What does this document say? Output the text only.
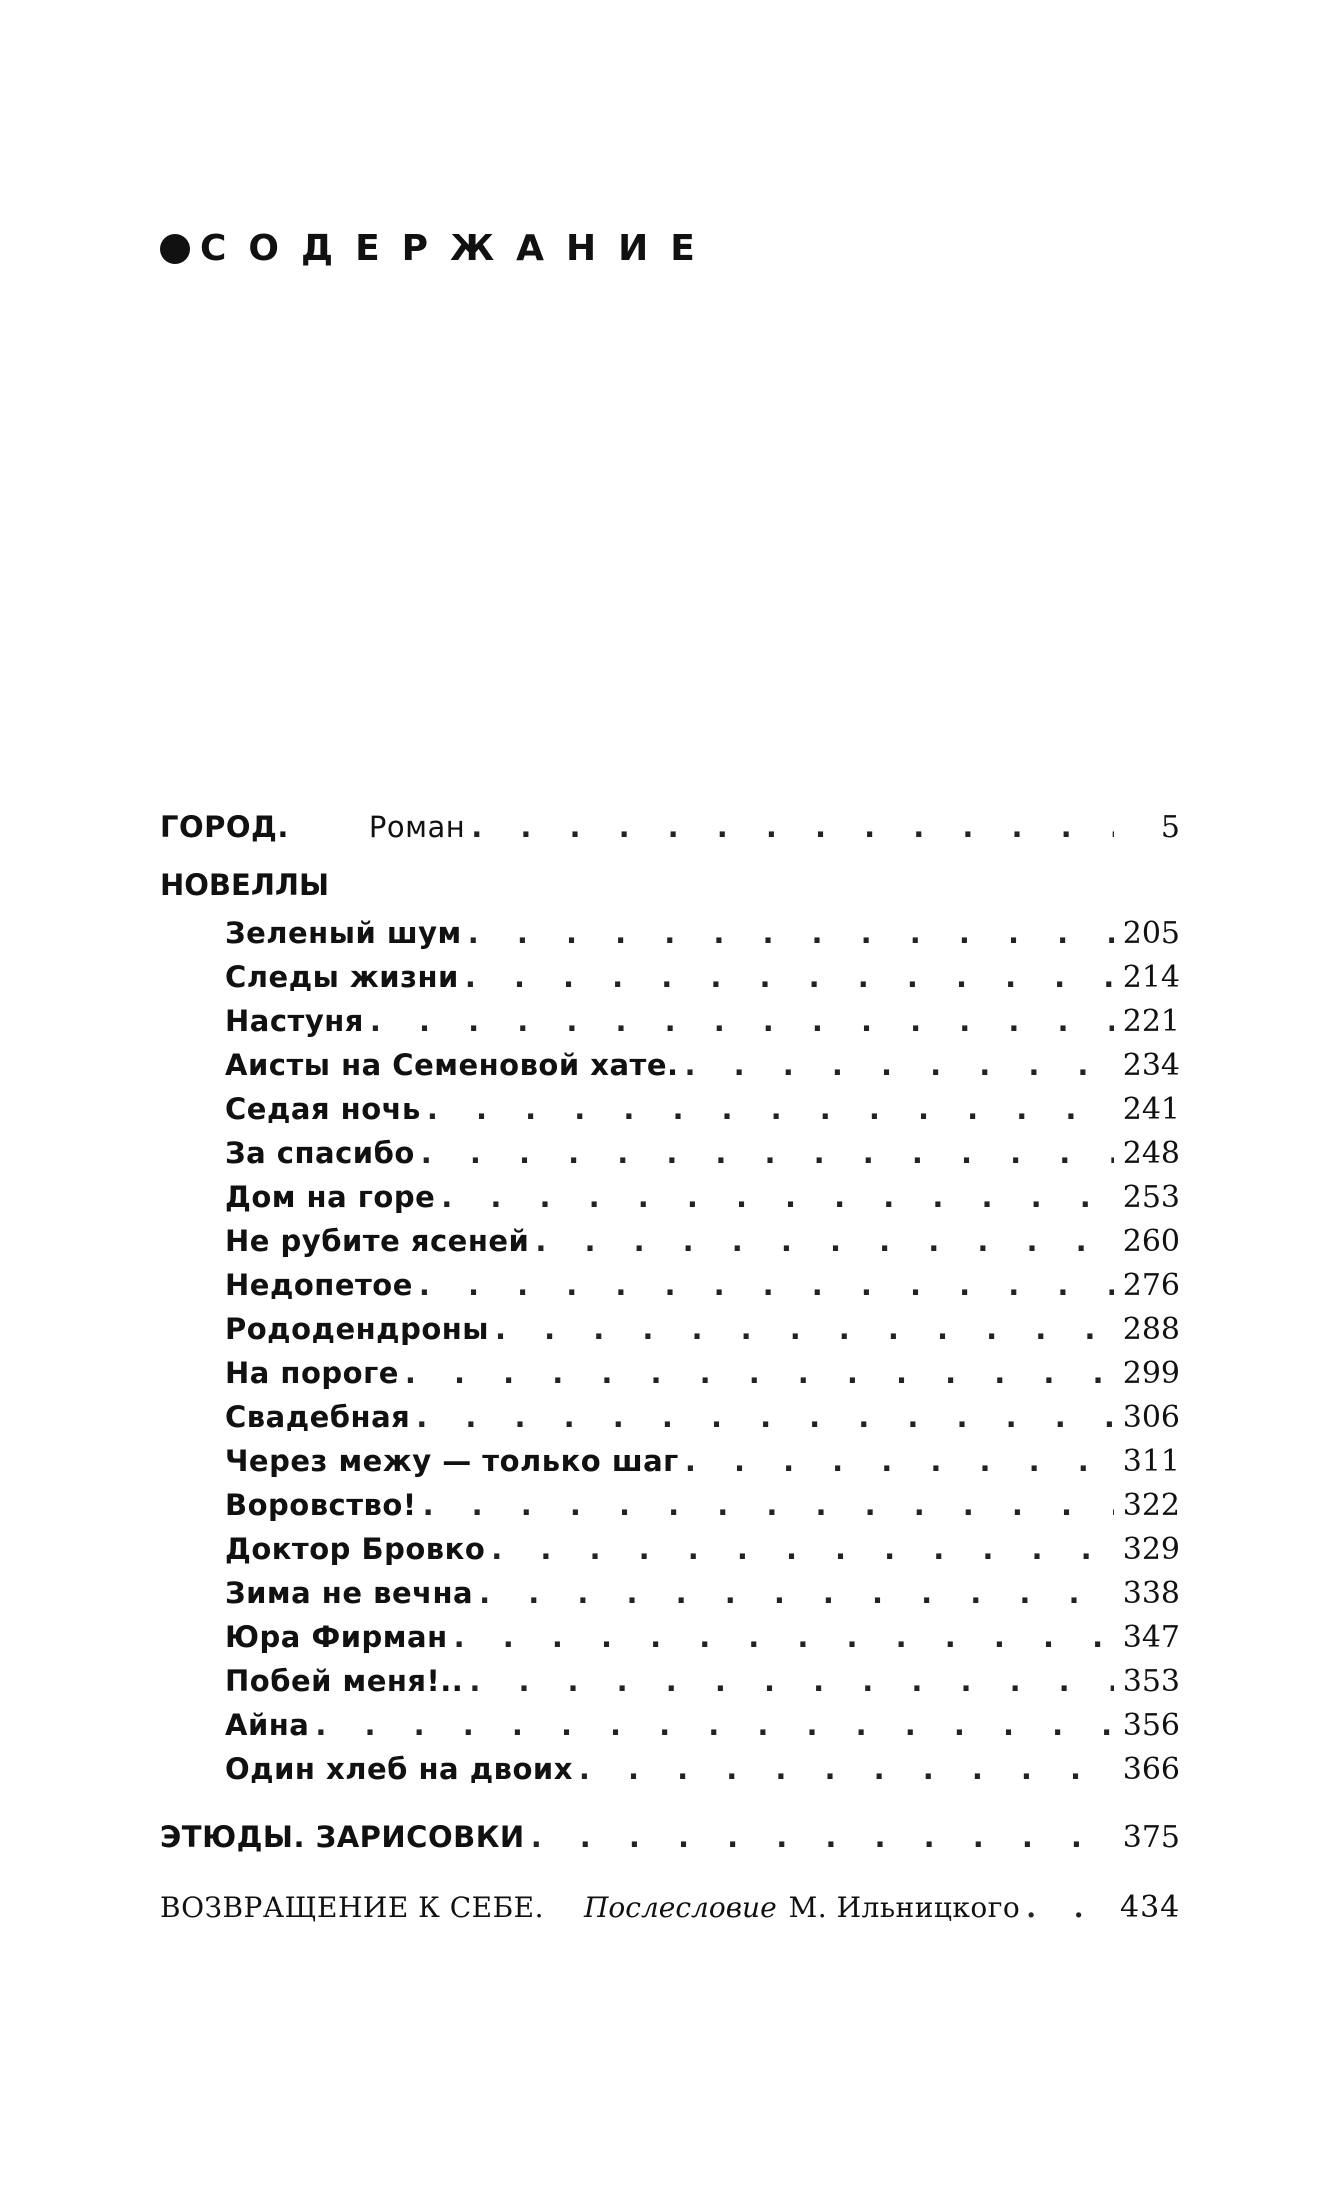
СОДЕРЖАНИЕ
ГОРОД.	Роман . . .	5
НОВЕЛЛЫ
Зеленый шум . . .	205
Следы жизни . . .	214
Настуня . . .	221
Аисты на Семеновой хате. . . .	234
Седая ночь . . .	241
За спасибо . . .	248
Дом на горе . . .	253
Не рубите ясеней . . .	260
Недопетое . . .	276
Рододендроны . . .	288
На пороге . . .	299
Свадебная . . .	306
Через межу — только шаг . . .	311
Воровство! . . .	322
Доктор Бровко . . .	329
Зима не вечна . . .	338
Юра Фирман . . .	347
Побей меня!.. . . .	353
Айна . . .	356
Один хлеб на двоих . . .	366
ЭТЮДЫ. ЗАРИСОВКИ . . .	375
ВОЗВРАЩЕНИЕ К СЕБЕ. Послесловие М. Ильницкого . . .	434
